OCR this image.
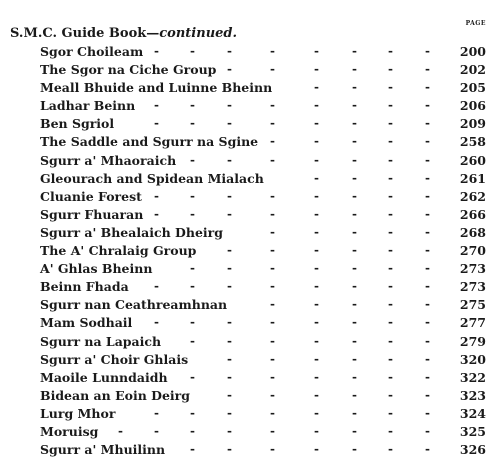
PAGE
S.M.C. Guide Book—continued.
Sgor Choileam	200
-	-	-	-	-	-	-	-
The Sgor na Ciche Group	202
-	-	-	-	-	-
Meall Bhuide and Luinne Bheinn	205
-	-	-	-
Ladhar Beinn	206
-	-	-	-	-	-	-	-
Ben Sgriol	209
-	-	-	-	-	-	-	-
The Saddle and Sgurr na Sgine	258
-	-	-	-	-
Sgurr a' Mhaoraich	260
-	-	-	-	-	-	-
Gleourach and Spidean Mialach	261
-	-	-	-
Cluanie Forest	262
-	-	-	-	-	-	-	-
Sgurr Fhuaran	266
-	-	-	-	-	-	-	-
Sgurr a' Bhealaich Dheirg	268
-	-	-	-	-
The A' Chralaig Group	270
-	-	-	-	-	-
A' Ghlas Bheinn	273
-	-	-	-	-	-	-
Beinn Fhada	273
-	-	-	-	-	-	-	-
Sgurr nan Ceathreamhnan	275
-	-	-	-	-
Mam Sodhail	277
-	-	-	-	-	-	-	-
Sgurr na Lapaich	279
-	-	-	-	-	-	-
Sgurr a' Choir Ghlais	320
-	-	-	-	-	-
Maoile Lunndaidh	322
-	-	-	-	-	-	-
Bidean an Eoin Deirg	323
-	-	-	-	-	-
Lurg Mhor	324
-	-	-	-	-	-	-	-
Moruisg	325
-	-	-	-	-	-	-	-	-
Sgurr a' Mhuilinn	326
-	-	-	-	-	-	-
